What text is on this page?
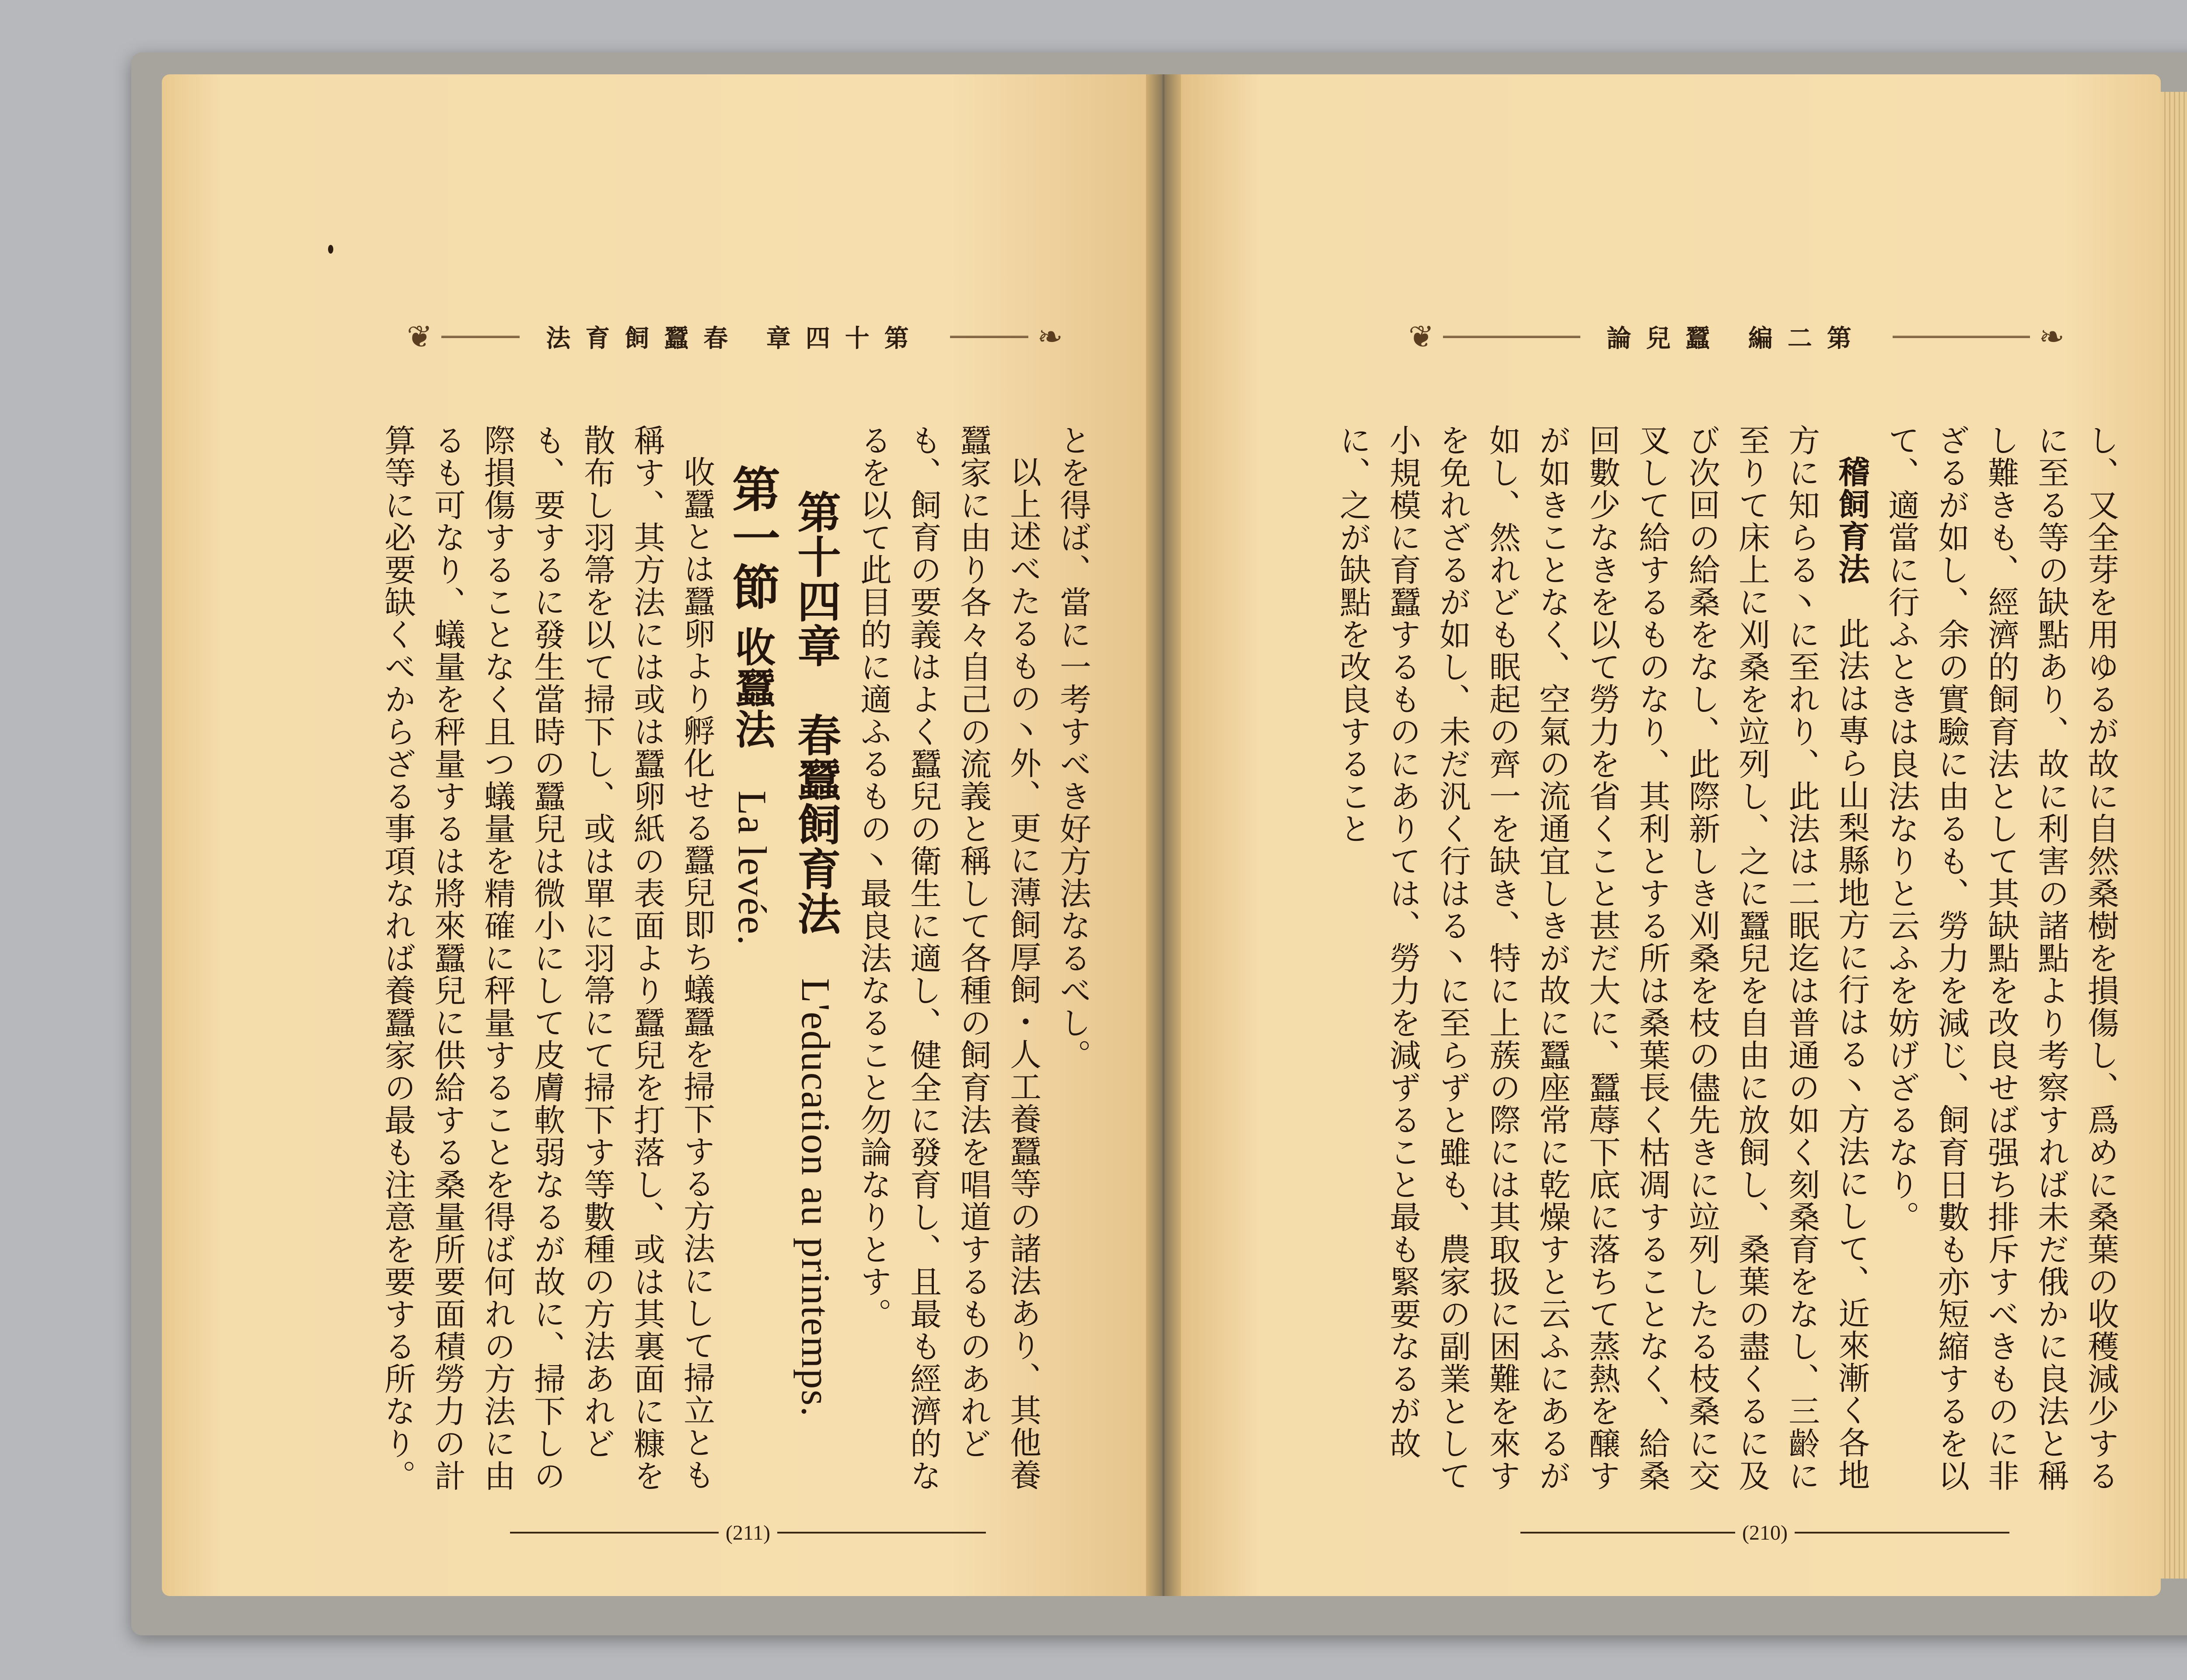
❦	法育飼蠶春 章四十第	❧

とを得ば、當に一考すべき好方法なるべし。

以上述べたるもの丶外、更に薄飼厚飼・人工養蠶等の諸法あり、其他養蠶家に由り各々自己の流義と稱して各種の飼育法を唱道するものあれども、飼育の要義はよく蠶兒の衛生に適し、健全に發育し、且最も經濟的なるを以て此目的に適ふるもの丶最良法なること勿論なりとす。

第十四章　春蠶飼育法 L'education au printemps.

第一節 收蠶法 La levée.

收蠶とは蠶卵より孵化せる蠶兒即ち蟻蠶を掃下する方法にして掃立とも稱す、其方法には或は蠶卵紙の表面より蠶兒を打落し、或は其裏面に糠を散布し羽箒を以て掃下し、或は單に羽箒にて掃下す等數種の方法あれども、要するに發生當時の蠶兒は微小にして皮膚軟弱なるが故に、掃下しの際損傷することなく且つ蟻量を精確に秤量することを得ば何れの方法に由るも可なり、蟻量を秤量するは將來蠶兒に供給する桑量所要面積勞力の計算等に必要缺くべからざる事項なれば養蠶家の最も注意を要する所なり。

(211)
❦	論兒蠶 編二第	❧

し、又全芽を用ゆるが故に自然桑樹を損傷し、爲めに桑葉の收穫減少するに至る等の缺點あり、故に利害の諸點より考察すれば未だ俄かに良法と稱し難きも、經濟的飼育法として其缺點を改良せば强ち排斥すべきものに非ざるが如し、余の實驗に由るも、勞力を減じ、飼育日數も亦短縮するを以て、適當に行ふときは良法なりと云ふを妨げざるなり。

稽飼育法　此法は專ら山梨縣地方に行はる丶方法にして、近來漸く各地方に知らる丶に至れり、此法は二眠迄は普通の如く刻桑育をなし、三齡に至りて床上に刈桑を竝列し、之に蠶兒を自由に放飼し、桑葉の盡くるに及び次回の給桑をなし、此際新しき刈桑を枝の儘先きに竝列したる枝桑に交叉して給するものなり、其利とする所は桑葉長く枯凋することなく、給桑回數少なきを以て勞力を省くこと甚だ大に、蠶蓐下底に落ちて蒸熱を醸すが如きことなく、空氣の流通宜しきが故に蠶座常に乾燥すと云ふにあるが如し、然れども眠起の齊一を缺き、特に上蔟の際には其取扱に困難を來すを免れざるが如し、未だ汎く行はる丶に至らずと雖も、農家の副業として小規模に育蠶するものにありては、勞力を減ずること最も緊要なるが故に、之が缺點を改良すること

(210)
